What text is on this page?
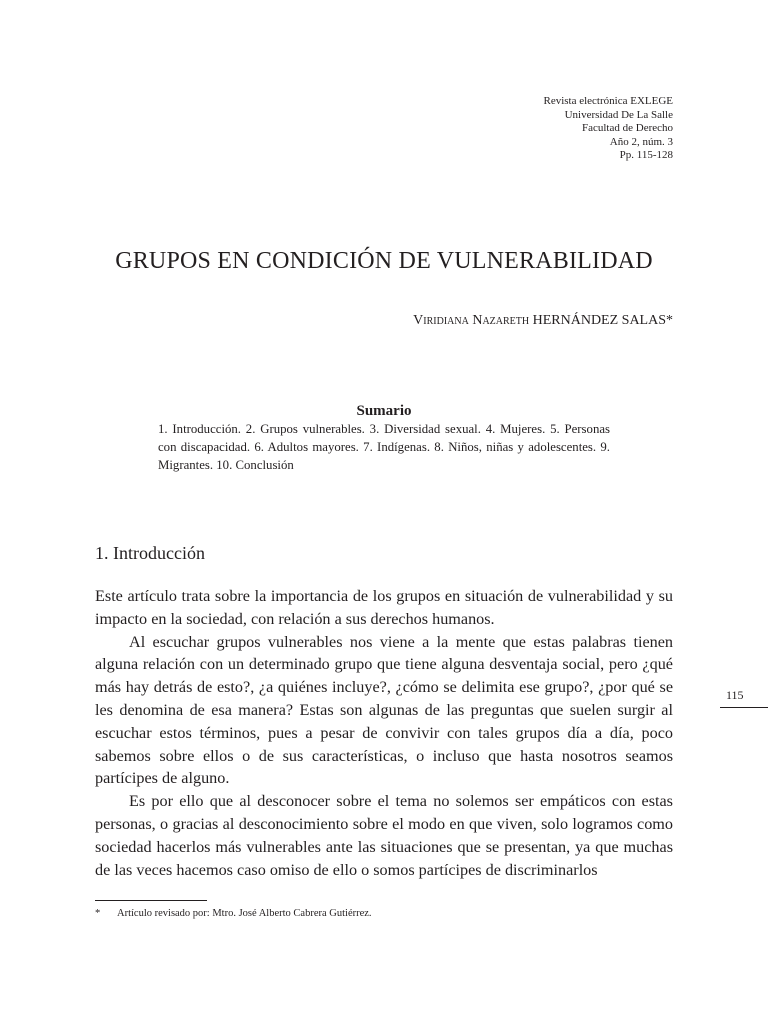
Revista electrónica EXLEGE
Universidad De La Salle
Facultad de Derecho
Año 2, núm. 3
Pp. 115-128
GRUPOS EN CONDICIÓN DE VULNERABILIDAD
Viridiana Nazareth HERNÁNDEZ SALAS*
Sumario
1. Introducción. 2. Grupos vulnerables. 3. Diversidad sexual. 4. Mujeres. 5. Personas con discapacidad. 6. Adultos mayores. 7. Indígenas. 8. Niños, niñas y adolescentes. 9. Migrantes. 10. Conclusión
1. Introducción

Este artículo trata sobre la importancia de los grupos en situación de vulnerabilidad y su impacto en la sociedad, con relación a sus derechos humanos.

Al escuchar grupos vulnerables nos viene a la mente que estas palabras tienen alguna relación con un determinado grupo que tiene alguna desventaja social, pero ¿qué más hay detrás de esto?, ¿a quiénes incluye?, ¿cómo se delimita ese grupo?, ¿por qué se les denomina de esa manera? Estas son algunas de las preguntas que suelen surgir al escuchar estos términos, pues a pesar de convivir con tales grupos día a día, poco sabemos sobre ellos o de sus características, o incluso que hasta nosotros seamos partícipes de alguno.

Es por ello que al desconocer sobre el tema no solemos ser empáticos con estas personas, o gracias al desconocimiento sobre el modo en que viven, solo logramos como sociedad hacerlos más vulnerables ante las situaciones que se presentan, ya que muchas de las veces hacemos caso omiso de ello o somos partícipes de discriminarlos

115
* Artículo revisado por: Mtro. José Alberto Cabrera Gutiérrez.
